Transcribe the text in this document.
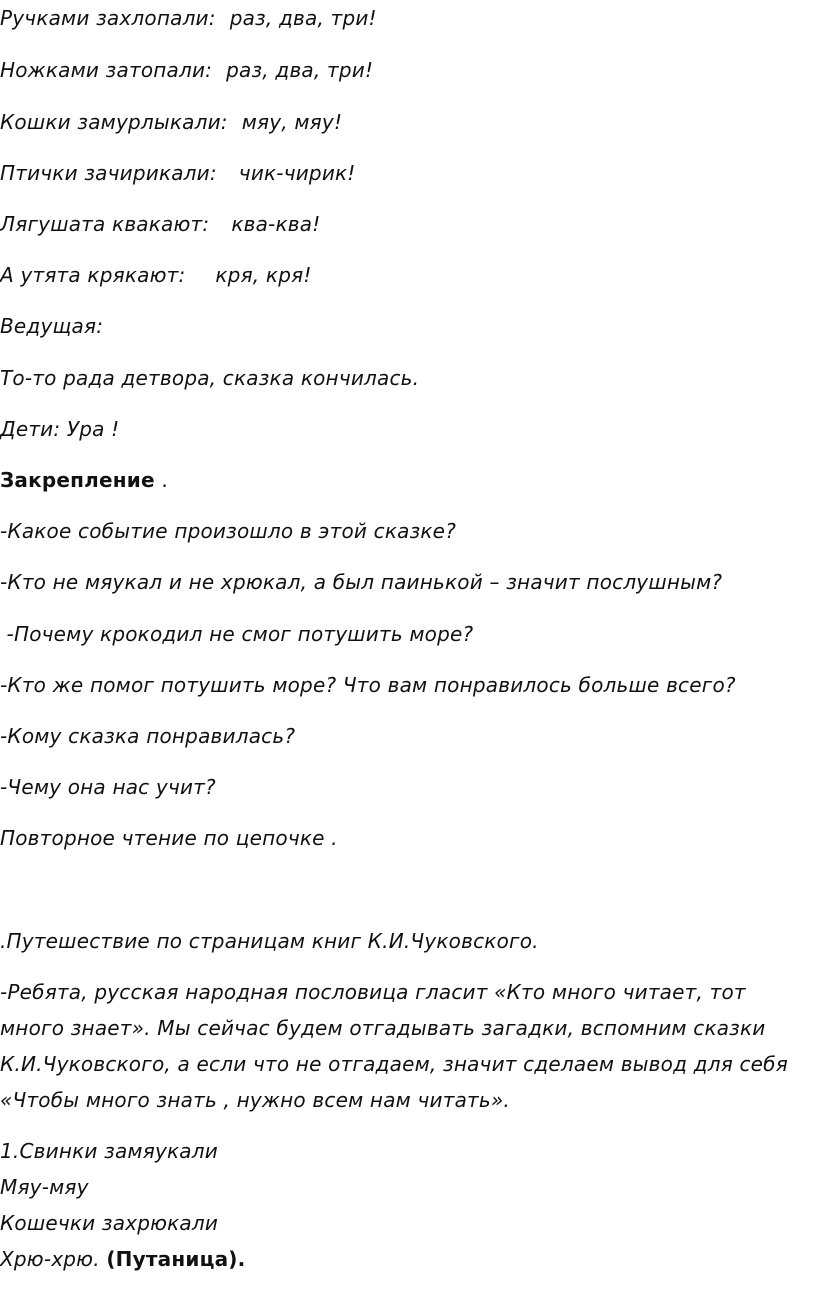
Ручками захлопали: раз, два, три!
Ножками затопали: раз, два, три!
Кошки замурлыкали: мяу, мяу!
Птички зачирикали: чик-чирик!
Лягушата квакают: ква-ква!
А утята крякают: кря, кря!
Ведущая:
То-то рада детвора, сказка кончилась.
Дети: Ура !
Закрепление .
-Какое событие произошло в этой сказке?
-Кто не мяукал и не хрюкал, а был паинькой – значит послушным?
-Почему крокодил не смог потушить море?
-Кто же помог потушить море? Что вам понравилось больше всего?
-Кому сказка понравилась?
-Чему она нас учит?
Повторное чтение по цепочке .
.Путешествие по страницам книг К.И.Чуковского.
-Ребята, русская народная пословица гласит «Кто много читает, тот
много знает». Мы сейчас будем отгадывать загадки, вспомним сказки
К.И.Чуковского, а если что не отгадаем, значит сделаем вывод для себя
«Чтобы много знать , нужно всем нам читать».
1.Свинки замяукали
Мяу-мяу
Кошечки захрюкали
Хрю-хрю. (Путаница).
